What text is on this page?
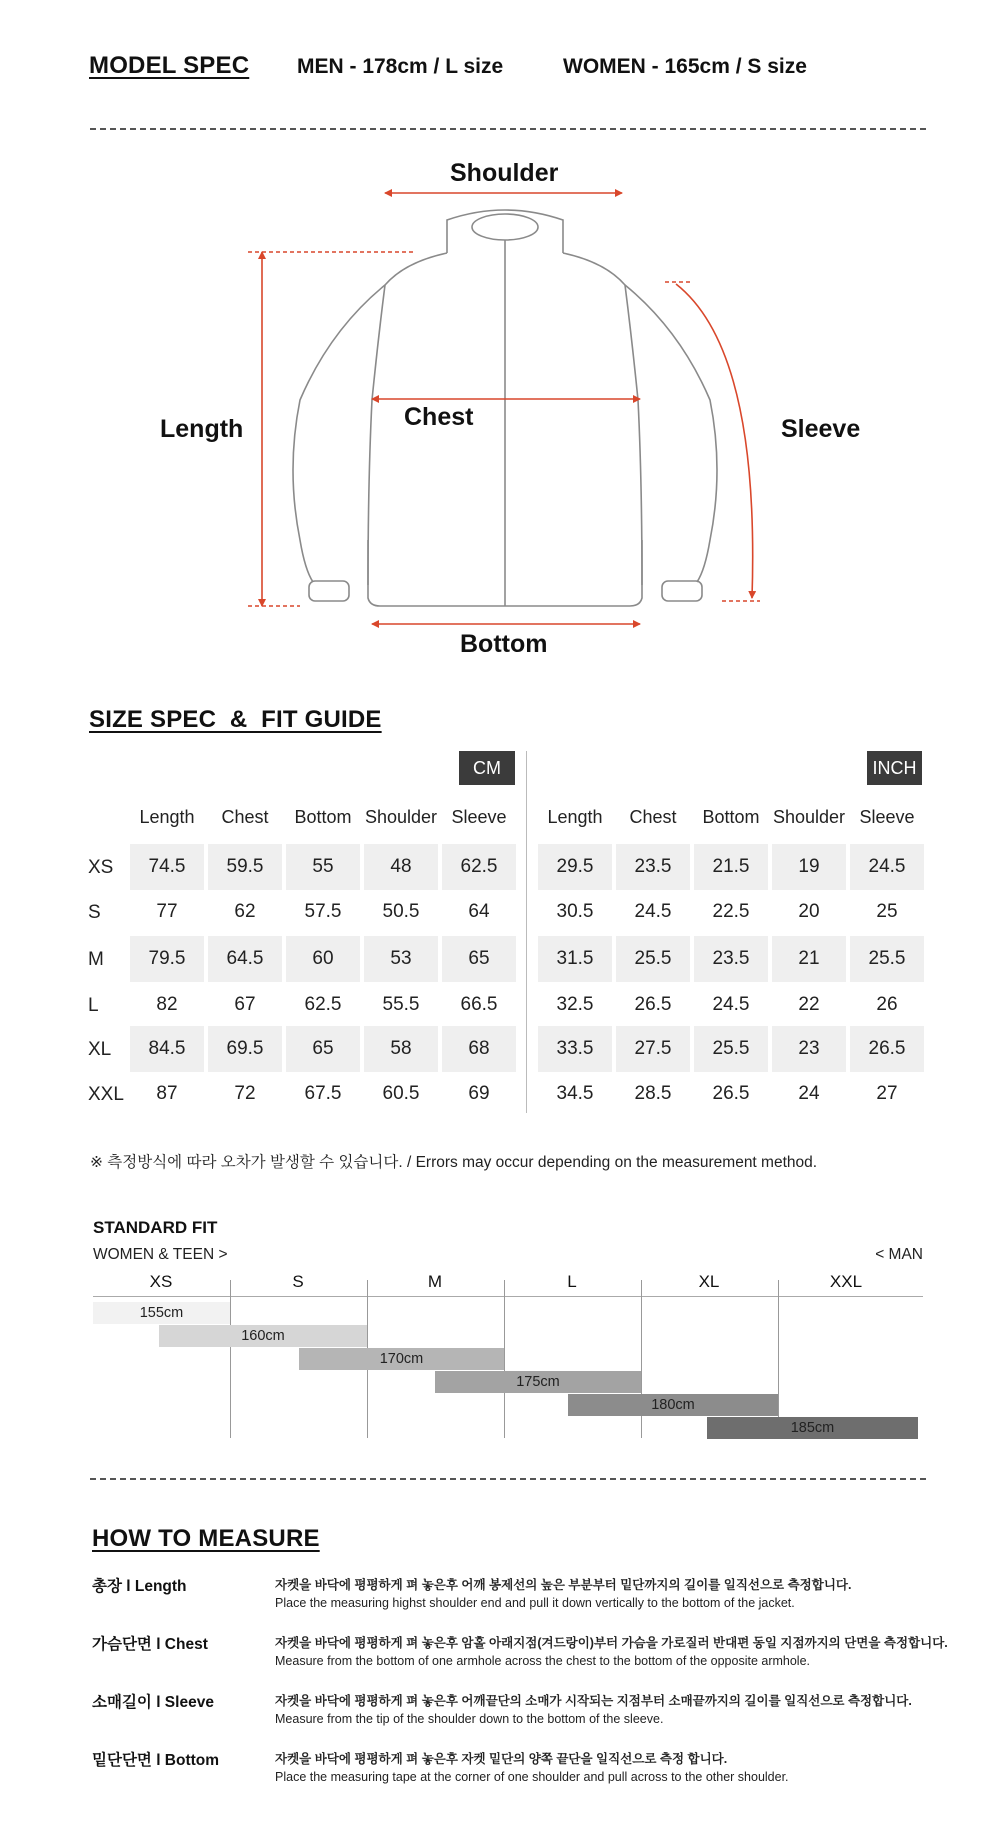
MODEL SPEC MEN - 178cm / L size	WOMEN - 165cm / S size
Shoulder
Chest
Length	Sleeve
Bottom
SIZE SPEC  &  FIT GUIDE
CM	INCH
Length	Length
Chest	Chest
Bottom	Bottom
Shoulder	Shoulder
Sleeve	Sleeve
XS	74.5	59.5	55	48	62.5	29.5	23.5	21.5	19	24.5
S	77	62	57.5	50.5	64	30.5	24.5	22.5	20	25
M	79.5	64.5	60	53	65	31.5	25.5	23.5	21	25.5
L	82	67	62.5	55.5	66.5	32.5	26.5	24.5	22	26
XL	84.5	69.5	65	58	68	33.5	27.5	25.5	23	26.5
XXL	87	72	67.5	60.5	69	34.5	28.5	26.5	24	27
※ 측정방식에 따라 오차가 발생할 수 있습니다. / Errors may occur depending on the measurement method.
STANDARD FIT
WOMEN & TEEN >	< MAN
XS	S	M	L	XL	XXL
155cm
160cm
170cm
175cm
180cm
185cm
HOW TO MEASURE
총장 l Length	자켓을 바닥에 평평하게 펴 놓은후 어깨 봉제선의 높은 부분부터 밑단까지의 길이를 일직선으로 측정합니다.
Place the measuring highst shoulder end and pull it down vertically to the bottom of the jacket.
가슴단면 l Chest	자켓을 바닥에 평평하게 펴 놓은후 암홀 아래지점(겨드랑이)부터 가슴을 가로질러 반대편 동일 지점까지의 단면을 측정합니다.
Measure from the bottom of one armhole across the chest to the bottom of the opposite armhole.
소매길이 l Sleeve	자켓을 바닥에 평평하게 펴 놓은후 어깨끝단의 소매가 시작되는 지점부터 소매끝까지의 길이를 일직선으로 측정합니다.
Measure from the tip of the shoulder down to the bottom of the sleeve.
밑단단면 l Bottom	자켓을 바닥에 평평하게 펴 놓은후 자켓 밑단의 양쪽 끝단을 일직선으로 측정 합니다.
Place the measuring tape at the corner of one shoulder and pull across to the other shoulder.
